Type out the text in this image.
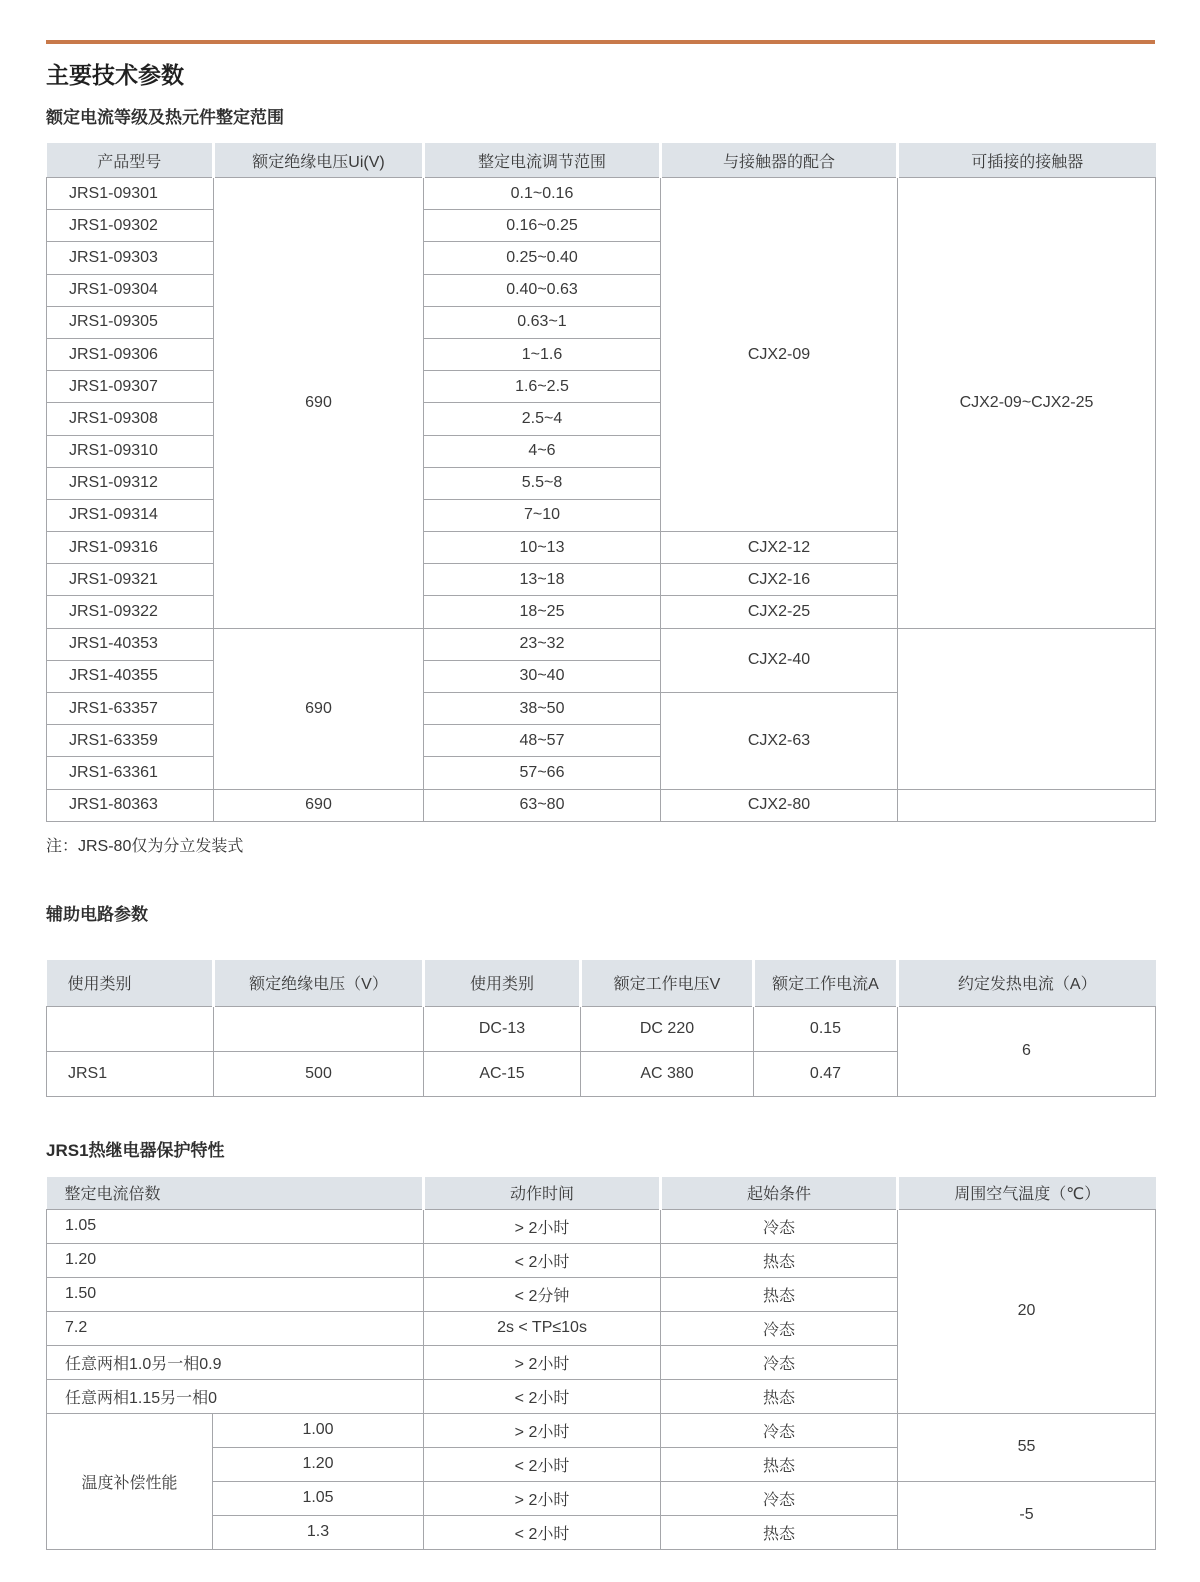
主要技术参数
额定电流等级及热元件整定范围
产品型号	额定绝缘电压Ui(V)	整定电流调节范围	与接触器的配合	可插接的接触器
JRS1-09301	690	0.1~0.16	CJX2-09	CJX2-09~CJX2-25
JRS1-09302		0.16~0.25		
JRS1-09303		0.25~0.40		
JRS1-09304		0.40~0.63		
JRS1-09305		0.63~1		
JRS1-09306		1~1.6		
JRS1-09307		1.6~2.5		
JRS1-09308		2.5~4		
JRS1-09310		4~6		
JRS1-09312		5.5~8		
JRS1-09314		7~10		
JRS1-09316		10~13	CJX2-12	
JRS1-09321		13~18	CJX2-16	
JRS1-09322		18~25	CJX2-25	
JRS1-40353	690	23~32	CJX2-40	
JRS1-40355		30~40		
JRS1-63357		38~50	CJX2-63	
JRS1-63359		48~57		
JRS1-63361		57~66		
JRS1-80363	690	63~80	CJX2-80	
注：JRS-80仅为分立发装式
辅助电路参数
使用类别	额定绝缘电压（V）	使用类别	额定工作电压V	额定工作电流A	约定发热电流（A）
		DC-13	DC 220	0.15	6
JRS1	500	AC-15	AC 380	0.47	
JRS1热继电器保护特性
整定电流倍数		动作时间	起始条件	周围空气温度（℃）
1.05		> 2小时	冷态	20
1.20		< 2小时	热态	
1.50		< 2分钟	热态	
7.2		2s < TP≤10s	冷态	
任意两相1.0另一相0.9		> 2小时	冷态	
任意两相1.15另一相0		< 2小时	热态	
温度补偿性能	1.00	> 2小时	冷态	55
	1.20	< 2小时	热态	
	1.05	> 2小时	冷态	-5
	1.3	< 2小时	热态	
